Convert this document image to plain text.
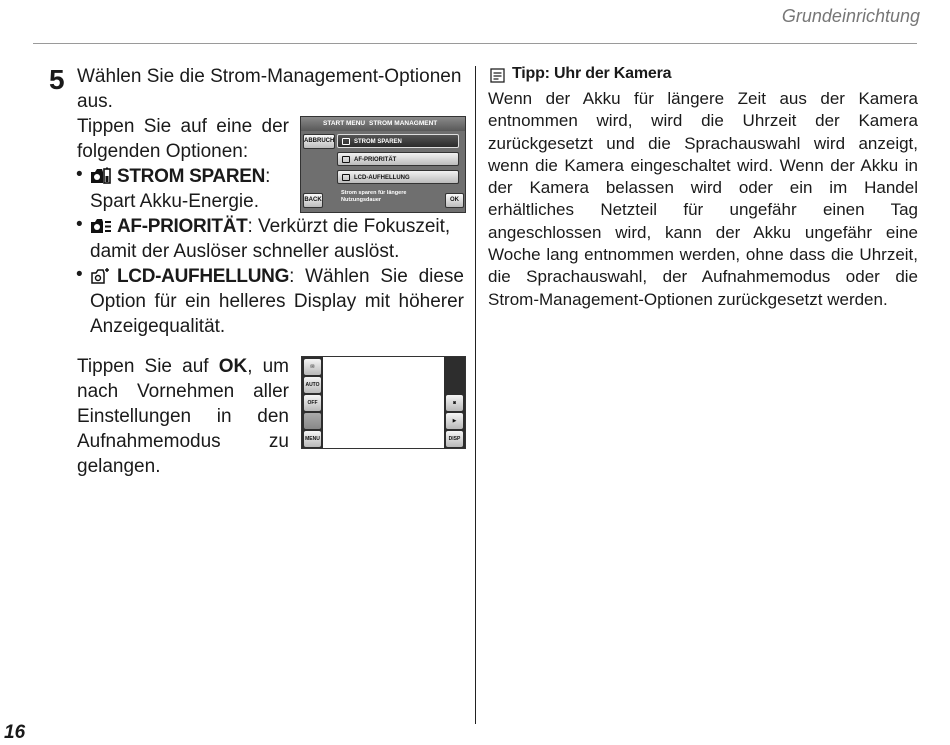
Grundeinrichtung
5 Wählen Sie die Strom-Management-Optionen aus.
Tippen Sie auf eine der folgenden Optionen:
•	STROM SPAREN: Spart Akku-Energie.
•	AF-PRIORITÄT: Verkürzt die Fokuszeit, damit der Auslöser schneller auslöst.
•	LCD-AUFHELLUNG: Wählen Sie diese Option für ein helleres Display mit höherer Anzeigequalität.
START MENU STROM MANAGMENT
ABBRUCH	STROM SPAREN
AF-PRIORITÄT
LCD-AUFHELLUNG
Strom sparen für längere Nutzungsdauer
BACK	OK
Tippen Sie auf OK, um nach Vornehmen aller Einstellungen in den Aufnahmemodus zu gelangen.
✉
AUTO
OFF
MENU
◙
▶
DISP
Tipp: Uhr der Kamera
Wenn der Akku für längere Zeit aus der Kamera entnommen wird, wird die Uhrzeit der Kamera zurückgesetzt und die Sprachauswahl wird anzeigt, wenn die Kamera eingeschaltet wird. Wenn der Akku in der Kamera belassen wird oder ein im Handel erhältliches Netzteil für ungefähr einen Tag angeschlossen wird, kann der Akku ungefähr eine Woche lang entnommen werden, ohne dass die Uhrzeit, die Sprachauswahl, der Aufnahmemodus oder die Strom-Management-Optionen zurückgesetzt werden.
16
